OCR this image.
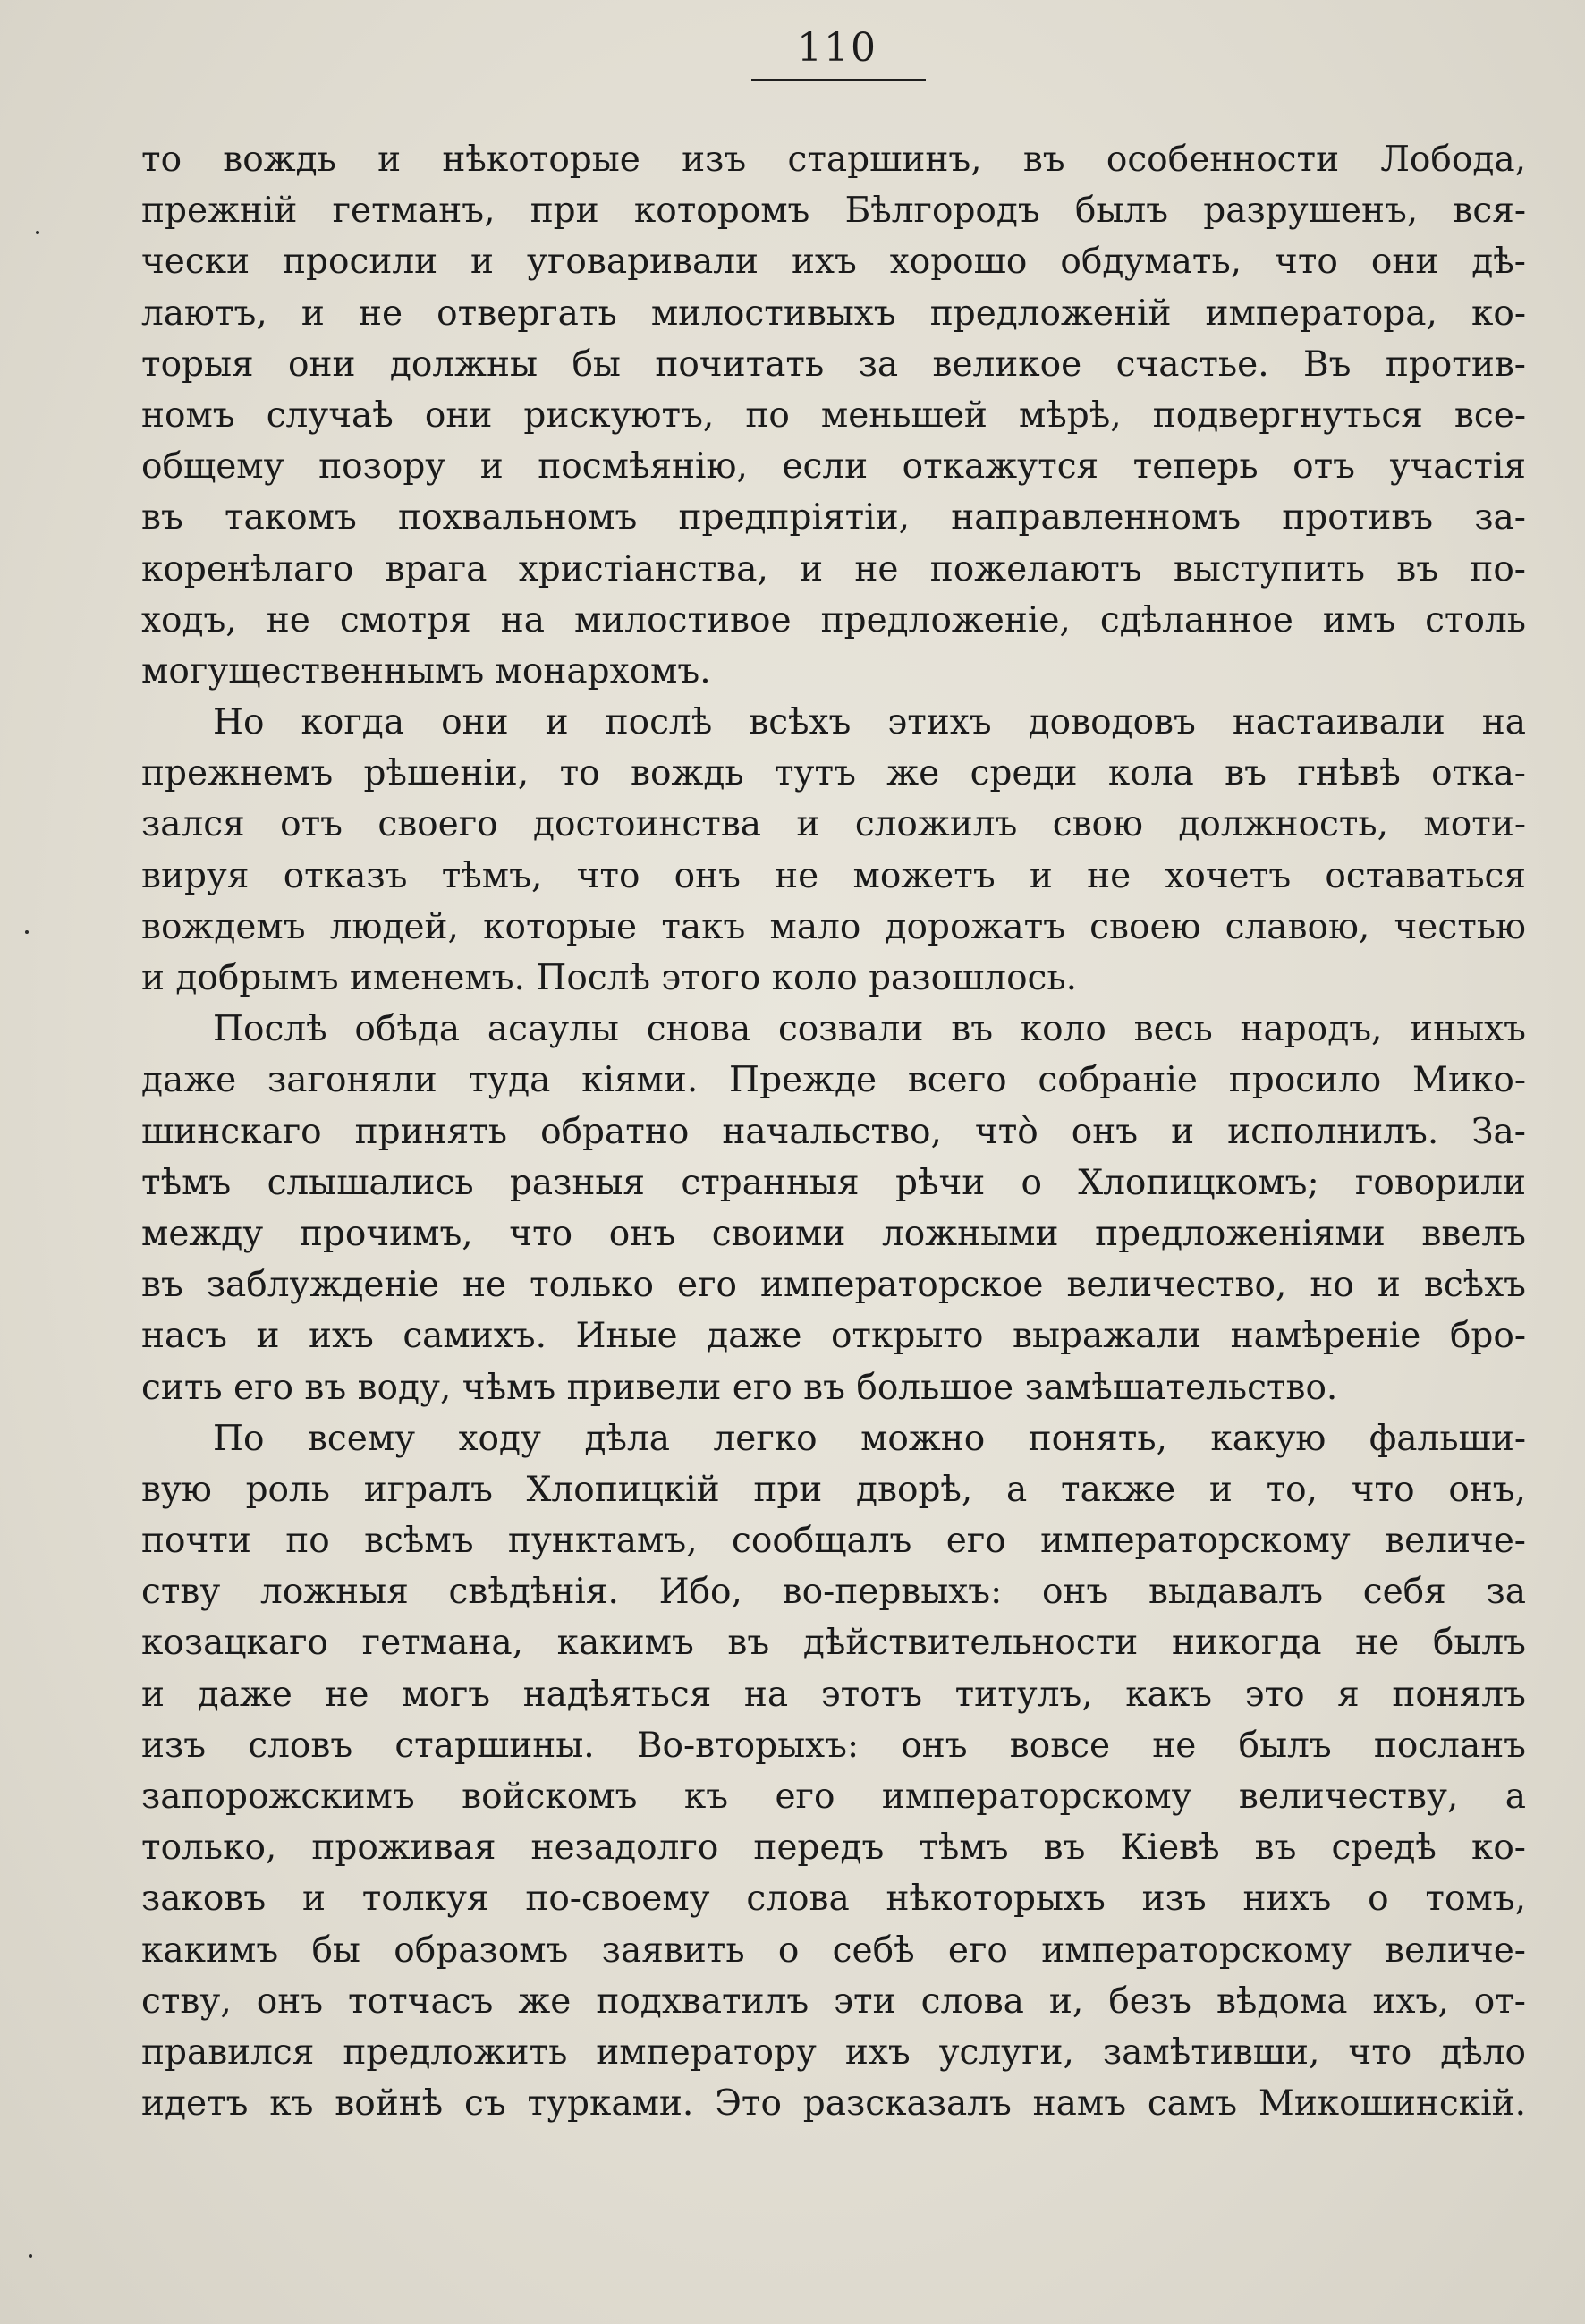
110
то вождь и нѣкоторые изъ старшинъ, въ особенности Лобода,
прежній гетманъ, при которомъ Бѣлгородъ былъ разрушенъ, вся-
чески просили и уговаривали ихъ хорошо обдумать, что они дѣ-
лаютъ, и не отвергать милостивыхъ предложеній императора, ко-
торыя они должны бы почитать за великое счастье. Въ против-
номъ случаѣ они рискуютъ, по меньшей мѣрѣ, подвергнуться все-
общему позору и посмѣянію, если откажутся теперь отъ участія
въ такомъ похвальномъ предпріятіи, направленномъ противъ за-
коренѣлаго врага христіанства, и не пожелаютъ выступить въ по-
ходъ, не смотря на милостивое предложеніе, сдѣланное имъ столь
могущественнымъ монархомъ.
Но когда они и послѣ всѣхъ этихъ доводовъ настаивали на
прежнемъ рѣшеніи, то вождь тутъ же среди кола въ гнѣвѣ отка-
зался отъ своего достоинства и сложилъ свою должность, моти-
вируя отказъ тѣмъ, что онъ не можетъ и не хочетъ оставаться
вождемъ людей, которые такъ мало дорожатъ своею славою, честью
и добрымъ именемъ. Послѣ этого коло разошлось.
Послѣ обѣда асаулы снова созвали въ коло весь народъ, иныхъ
даже загоняли туда кіями. Прежде всего собраніе просило Мико-
шинскаго принять обратно начальство, что̀ онъ и исполнилъ. За-
тѣмъ слышались разныя странныя рѣчи о Хлопицкомъ; говорили
между прочимъ, что онъ своими ложными предложеніями ввелъ
въ заблужденіе не только его императорское величество, но и всѣхъ
насъ и ихъ самихъ. Иные даже открыто выражали намѣреніе бро-
сить его въ воду, чѣмъ привели его въ большое замѣшательство.
По всему ходу дѣла легко можно понять, какую фальши-
вую роль игралъ Хлопицкій при дворѣ, а также и то, что онъ,
почти по всѣмъ пунктамъ, сообщалъ его императорскому величе-
ству ложныя свѣдѣнія. Ибо, во-первыхъ: онъ выдавалъ себя за
козацкаго гетмана, какимъ въ дѣйствительности никогда не былъ
и даже не могъ надѣяться на этотъ титулъ, какъ это я понялъ
изъ словъ старшины. Во-вторыхъ: онъ вовсе не былъ посланъ
запорожскимъ войскомъ къ его императорскому величеству, а
только, проживая незадолго передъ тѣмъ въ Кіевѣ въ средѣ ко-
заковъ и толкуя по-своему слова нѣкоторыхъ изъ нихъ о томъ,
какимъ бы образомъ заявить о себѣ его императорскому величе-
ству, онъ тотчасъ же подхватилъ эти слова и, безъ вѣдома ихъ, от-
правился предложить императору ихъ услуги, замѣтивши, что дѣло
идетъ къ войнѣ съ турками. Это разсказалъ намъ самъ Микошинскій.
